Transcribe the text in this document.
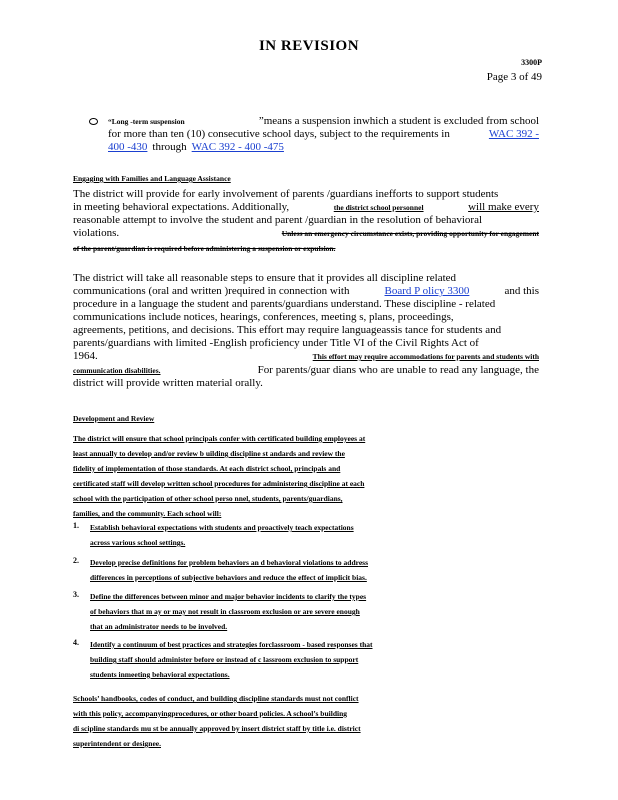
IN REVISION
3300P
Page 3 of 49
“Long -term suspension	”means a suspension inwhich a student is excluded from school
for more than ten (10) consecutive school days, subject to the requirements in	WAC 392 -
400 -430 through WAC 392 - 400 -475
Engaging with Families and Language Assistance
The district will provide for early involvement of parents /guardians inefforts to support students
in meeting behavioral expectations. Additionally,	the district school personnel	will make every
reasonable attempt to involve the student and parent /guardian in the resolution of behavioral
violations.	Unless an emergency circumstance exists, providing opportunity for engagement
of the parent/guardian is required before administering a suspension or expulsion.
The district will take all reasonable steps to ensure that it provides all discipline related
communications (oral and written )required in connection with	Board P olicy 3300	and this
procedure in a language the student and parents/guardians understand. These discipline - related
communications include notices, hearings, conferences, meeting s, plans, proceedings,
agreements, petitions, and decisions. This effort may require languageassis tance for students and
parents/guardians with limited -English proficiency under Title VI of the Civil Rights Act of
1964.	This effort may require accommodations for parents and students with
communication disabilities.	For parents/guar dians who are unable to read any language, the
district will provide written material orally.
Development and Review
The district will ensure that school principals confer with certificated building employees at
least annually to develop and/or review b uilding discipline st andards and review the
fidelity of implementation of those standards. At each district school, principals and
certificated staff will develop written school procedures for administering discipline at each
school with the participation of other school perso nnel, students, parents/guardians,
families, and the community. Each school will:
1. Establish behavioral expectations with students and proactively teach expectations
across various school settings.
2. Develop precise definitions for problem behaviors an d behavioral violations to address
differences in perceptions of subjective behaviors and reduce the effect of implicit bias.
3. Define the differences between minor and major behavior incidents to clarify the types
of behaviors that m ay or may not result in classroom exclusion or are severe enough
that an administrator needs to be involved.
4. Identify a continuum of best practices and strategies forclassroom - based responses that
building staff should administer before or instead of c lassroom exclusion to support
students inmeeting behavioral expectations.
Schools’ handbooks, codes of conduct, and building discipline standards must not conflict
with this policy, accompanyingprocedures, or other board policies. A school’s building
di scipline standards mu st be annually approved by insert district staff by title i.e. district
superintendent or designee.
